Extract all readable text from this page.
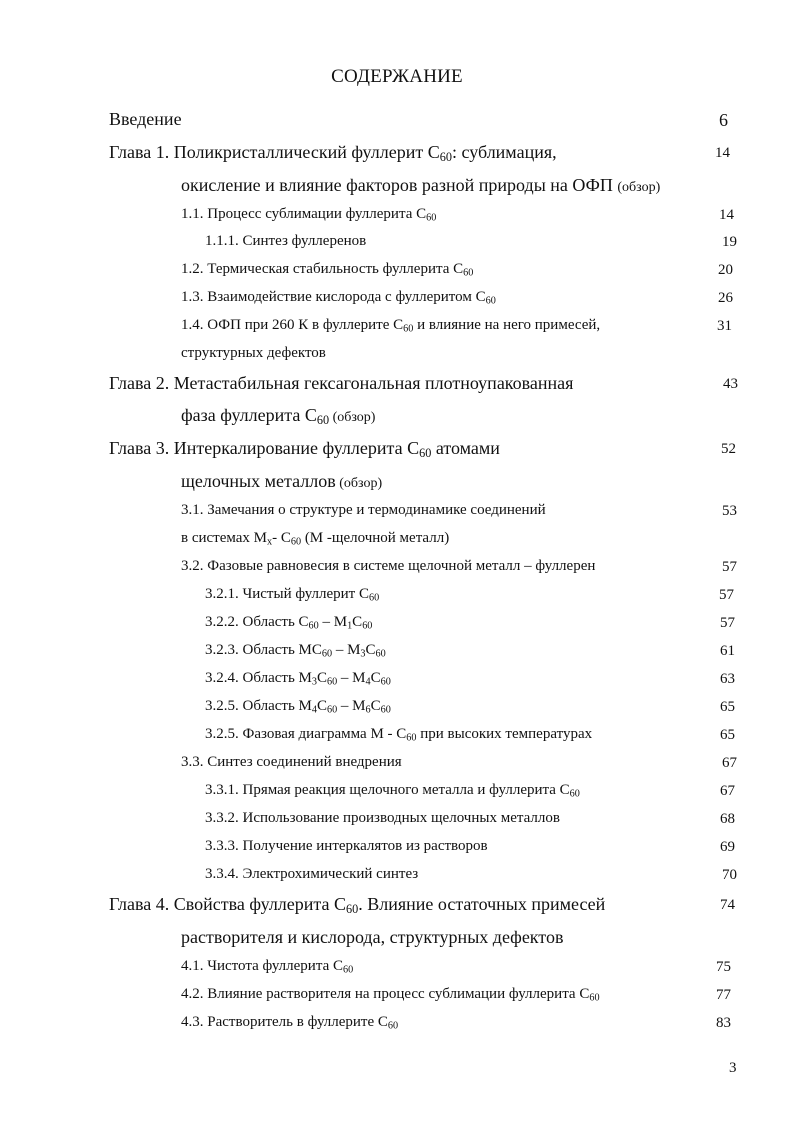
СОДЕРЖАНИЕ
Введение	6
Глава 1. Поликристаллический фуллерит $C_{60}$: сублимация,	14
окисление и влияние факторов разной природы на ОФП (обзор)
1.1. Процесс сублимации фуллерита $C_{60}$	14
1.1.1. Синтез фуллеренов	19
1.2. Термическая стабильность фуллерита $C_{60}$	20
1.3. Взаимодействие кислорода с фуллеритом $C_{60}$	26
1.4. ОФП при 260 К в фуллерите $C_{60}$ и влияние на него примесей,	31
структурных дефектов
Глава 2. Метастабильная гексагональная плотноупакованная	43
фаза фуллерита $C_{60}$ (обзор)
Глава 3. Интеркалирование фуллерита $C_{60}$ атомами	52
щелочных металлов (обзор)
3.1. Замечания о структуре и термодинамике соединений	53
в системах $M_x-$ $C_{60}$ (М -щелочной металл)
3.2. Фазовые равновесия в системе щелочной металл – фуллерен	57
3.2.1. Чистый фуллерит $C_{60}$	57
3.2.2. Область $C_{60} - M_1C_{60}$	57
3.2.3. Область $MC_{60} - M_3C_{60}$	61
3.2.4. Область $M_3C_{60} - M_4C_{60}$	63
3.2.5. Область $M_4C_{60} - M_6C_{60}$	65
3.2.5. Фазовая диаграмма M - $C_{60}$ при высоких температурах	65
3.3. Синтез соединений внедрения	67
3.3.1. Прямая реакция щелочного металла и фуллерита $C_{60}$	67
3.3.2. Использование производных щелочных металлов	68
3.3.3. Получение интеркалятов из растворов	69
3.3.4. Электрохимический синтез	70
Глава 4. Свойства фуллерита $C_{60}$. Влияние остаточных примесей	74
растворителя и кислорода, структурных дефектов
4.1. Чистота фуллерита $C_{60}$	75
4.2. Влияние растворителя на процесс сублимации фуллерита $C_{60}$	77
4.3. Растворитель в фуллерите $C_{60}$	83
3
